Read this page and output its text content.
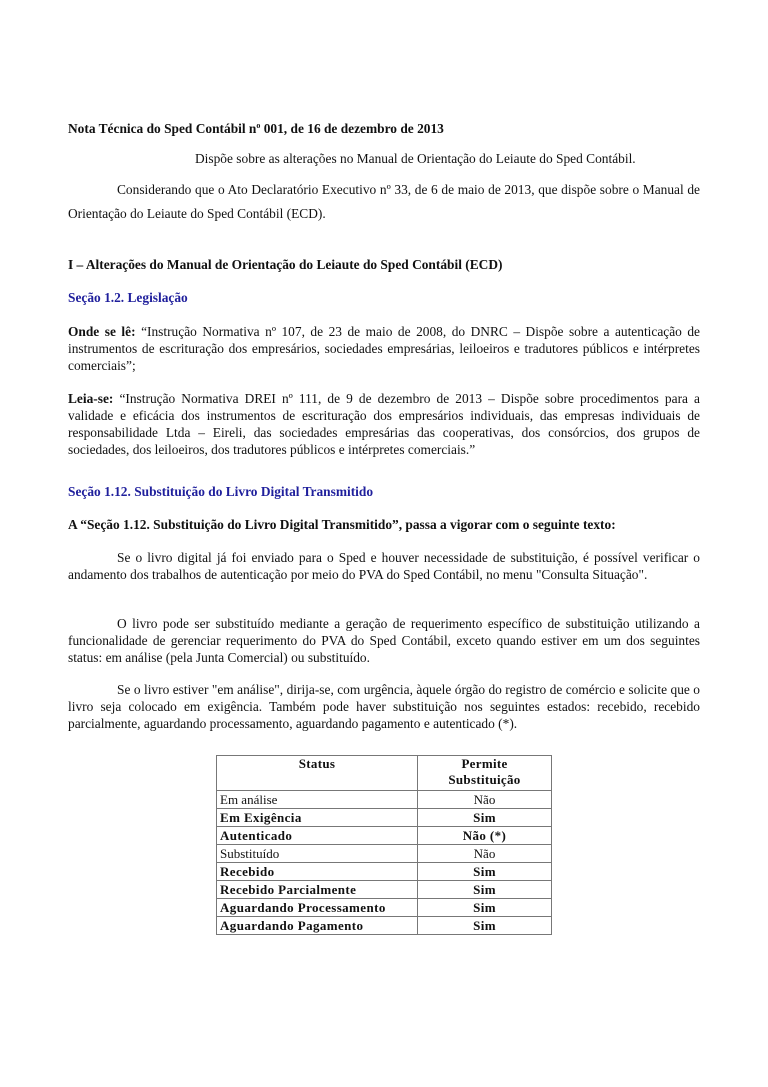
Nota Técnica do Sped Contábil $n^o$ 001, de 16 de dezembro de 2013
Dispõe sobre as alterações no Manual de Orientação do Leiaute do Sped Contábil.
Considerando que o Ato Declaratório Executivo nº 33, de 6 de maio de 2013, que dispõe sobre o Manual de Orientação do Leiaute do Sped Contábil (ECD).
I – Alterações do Manual de Orientação do Leiaute do Sped Contábil (ECD)
Seção 1.2. Legislação
Onde se lê: “Instrução Normativa nº 107, de 23 de maio de 2008, do DNRC – Dispõe sobre a autenticação de instrumentos de escrituração dos empresários, sociedades empresárias, leiloeiros e tradutores públicos e intérpretes comerciais”;
Leia-se: “Instrução Normativa DREI nº 111, de 9 de dezembro de 2013 – Dispõe sobre procedimentos para a validade e eficácia dos instrumentos de escrituração dos empresários individuais, das empresas individuais de responsabilidade Ltda – Eireli, das sociedades empresárias das cooperativas, dos consórcios, dos grupos de sociedades, dos leiloeiros, dos tradutores públicos e intérpretes comerciais.”
Seção 1.12. Substituição do Livro Digital Transmitido
A “Seção 1.12. Substituição do Livro Digital Transmitido”, passa a vigorar com o seguinte texto:
Se o livro digital já foi enviado para o Sped e houver necessidade de substituição, é possível verificar o andamento dos trabalhos de autenticação por meio do PVA do Sped Contábil, no menu "Consulta Situação".
O livro pode ser substituído mediante a geração de requerimento específico de substituição utilizando a funcionalidade de gerenciar requerimento do PVA do Sped Contábil, exceto quando estiver em um dos seguintes status: em análise (pela Junta Comercial) ou substituído.
Se o livro estiver "em análise", dirija-se, com urgência, àquele órgão do registro de comércio e solicite que o livro seja colocado em exigência. Também pode haver substituição nos seguintes estados: recebido, recebido parcialmente, aguardando processamento, aguardando pagamento e autenticado (*).
Status	Permite
Substituição
Em análise	Não
Em Exigência	Sim
Autenticado	Não (*)
Substituído	Não
Recebido	Sim
Recebido Parcialmente	Sim
Aguardando Processamento	Sim
Aguardando Pagamento	Sim
